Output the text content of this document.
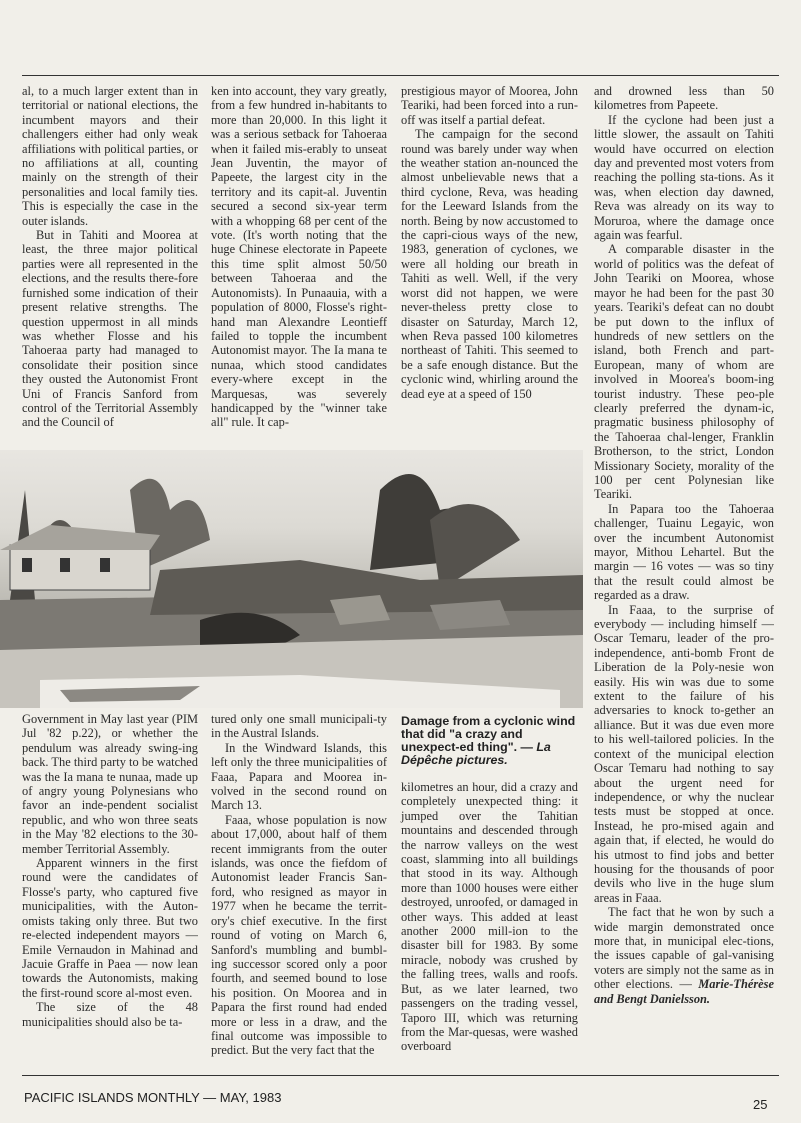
al, to a much larger extent than in territorial or national elections, the incumbent mayors and their challengers either had only weak affiliations with political parties, or no affiliations at all, counting mainly on the strength of their personalities and local family ties. This is especially the case in the outer islands.

But in Tahiti and Moorea at least, the three major political parties were all represented in the elections, and the results there-fore furnished some indication of their present relative strengths. The question uppermost in all minds was whether Flosse and his Tahoeraa party had managed to consolidate their position since they ousted the Autonomist Front Uni of Francis Sanford from control of the Territorial Assembly and the Council of

ken into account, they vary greatly, from a few hundred in-habitants to more than 20,000. In this light it was a serious setback for Tahoeraa when it failed mis-erably to unseat Jean Juventin, the mayor of Papeete, the largest city in the territory and its capit-al. Juventin secured a second six-year term with a whopping 68 per cent of the vote. (It's worth noting that the huge Chinese electorate in Papeete this time split almost 50/50 between Tahoeraa and the Autonomists). In Punaauia, with a population of 8000, Flosse's right-hand man Alexandre Leontieff failed to topple the incumbent Autonomist mayor. The Ia mana te nunaa, which stood candidates every-where except in the Marquesas, was severely handicapped by the "winner take all" rule. It cap-

prestigious mayor of Moorea, John Teariki, had been forced into a run-off was itself a partial defeat.

The campaign for the second round was barely under way when the weather station an-nounced the almost unbelievable news that a third cyclone, Reva, was heading for the Leeward Islands from the north. Being by now accustomed to the capri-cious ways of the new, 1983, generation of cyclones, we were all holding our breath in Tahiti as well. Well, if the very worst did not happen, we were never-theless pretty close to disaster on Saturday, March 12, when Reva passed 100 kilometres northeast of Tahiti. This seemed to be a safe enough distance. But the cyclonic wind, whirling around the dead eye at a speed of 150

Damage from a cyclonic wind that did "a crazy and unexpect-ed thing". — La Dépêche pictures.

Government in May last year (PIM Jul '82 p.22), or whether the pendulum was already swing-ing back. The third party to be watched was the Ia mana te nunaa, made up of angry young Polynesians who favor an inde-pendent socialist republic, and who won three seats in the May '82 elections to the 30-member Territorial Assembly.

Apparent winners in the first round were the candidates of Flosse's party, who captured five municipalities, with the Auton-omists taking only three. But two re-elected independent mayors — Emile Vernaudon in Mahinad and Jacuie Graffe in Paea — now lean towards the Autonomists, making the first-round score al-most even.

The size of the 48 municipalities should also be ta-

tured only one small municipali-ty in the Austral Islands.

In the Windward Islands, this left only the three municipalities of Faaa, Papara and Moorea in-volved in the second round on March 13.

Faaa, whose population is now about 17,000, about half of them recent immigrants from the outer islands, was once the fiefdom of Autonomist leader Francis San-ford, who resigned as mayor in 1977 when he became the territ-ory's chief executive. In the first round of voting on March 6, Sanford's mumbling and bumbl-ing successor scored only a poor fourth, and seemed bound to lose his position. On Moorea and in Papara the first round had ended more or less in a draw, and the final outcome was impossible to predict. But the very fact that the

kilometres an hour, did a crazy and completely unexpected thing: it jumped over the Tahitian mountains and descended through the narrow valleys on the west coast, slamming into all buildings that stood in its way. Although more than 1000 houses were either destroyed, unroofed, or damaged in other ways. This added at least another 2000 mill-ion to the disaster bill for 1983. By some miracle, nobody was crushed by the falling trees, walls and roofs. But, as we later learned, two passengers on the trading vessel, Taporo III, which was returning from the Mar-quesas, were washed overboard

and drowned less than 50 kilometres from Papeete.

If the cyclone had been just a little slower, the assault on Tahiti would have occurred on election day and prevented most voters from reaching the polling sta-tions. As it was, when election day dawned, Reva was already on its way to Moruroa, where the damage once again was fearful.

A comparable disaster in the world of politics was the defeat of John Teariki on Moorea, whose mayor he had been for the past 30 years. Teariki's defeat can no doubt be put down to the influx of hundreds of new settlers on the island, both French and part-European, many of whom are involved in Moorea's boom-ing tourist industry. These peo-ple clearly preferred the dynam-ic, pragmatic business philosophy of the Tahoeraa chal-lenger, Franklin Brotherson, to the strict, London Missionary Society, morality of the 100 per cent Polynesian like Teariki.

In Papara too the Tahoeraa challenger, Tuainu Legayic, won over the incumbent Autonomist mayor, Mithou Lehartel. But the margin — 16 votes — was so tiny that the result could almost be regarded as a draw.

In Faaa, to the surprise of everybody — including himself — Oscar Temaru, leader of the pro-independence, anti-bomb Front de Liberation de la Poly-nesie won easily. His win was due to some extent to the failure of his adversaries to knock to-gether an alliance. But it was due even more to his well-tailored policies. In the context of the municipal election Oscar Temaru had nothing to say about the urgent need for independence, or why the nuclear tests must be stopped at once. Instead, he pro-mised again and again that, if elected, he would do his utmost to find jobs and better housing for the thousands of poor devils who live in the huge slum areas in Faaa.

The fact that he won by such a wide margin demonstrated once more that, in municipal elec-tions, the issues capable of gal-vanising voters are simply not the same as in other elections. — Marie-Thérèse and Bengt Danielsson.

PACIFIC ISLANDS MONTHLY — MAY, 1983	25
